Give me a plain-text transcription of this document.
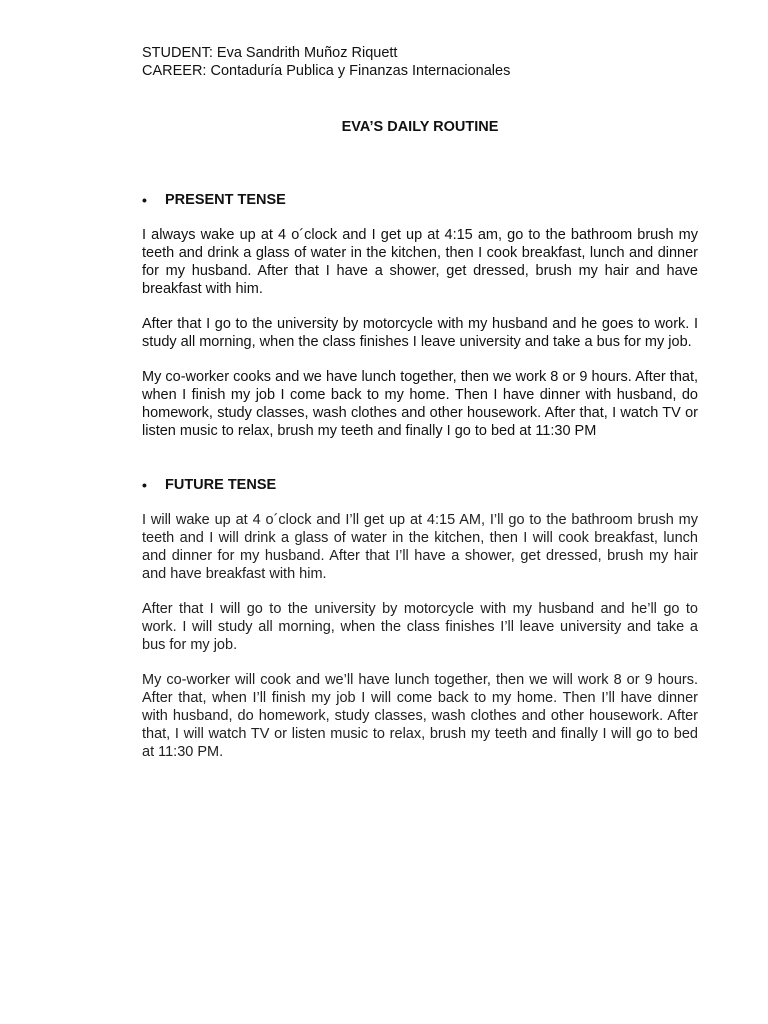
STUDENT: Eva Sandrith Muñoz Riquett

CAREER: Contaduría Publica y Finanzas Internacionales

EVA’S DAILY ROUTINE
•	PRESENT TENSE

I always wake up at 4 o´clock and I get up at 4:15 am, go to the bathroom brush my teeth and drink a glass of water in the kitchen, then I cook breakfast, lunch and dinner for my husband. After that I have a shower, get dressed, brush my hair and have breakfast with him.

After that I go to the university by motorcycle with my husband and he goes to work. I study all morning, when the class finishes I leave university and take a bus for my job.

My co-worker cooks and we have lunch together, then we work 8 or 9 hours. After that, when I finish my job I come back to my home. Then I have dinner with husband, do homework, study classes, wash clothes and other housework. After that, I watch TV or listen music to relax, brush my teeth and finally I go to bed at 11:30 PM

•	FUTURE TENSE

I will wake up at 4 o´clock and I’ll get up at 4:15 AM, I’ll go to the bathroom brush my teeth and I will drink a glass of water in the kitchen, then I will cook breakfast, lunch and dinner for my husband. After that I’ll have a shower, get dressed, brush my hair and have breakfast with him.

After that I will go to the university by motorcycle with my husband and he’ll go to work. I will study all morning, when the class finishes I’ll leave university and take a bus for my job.

My co-worker will cook and we’ll have lunch together, then we will work 8 or 9 hours. After that, when I’ll finish my job I will come back to my home. Then I’ll have dinner with husband, do homework, study classes, wash clothes and other housework. After that, I will watch TV or listen music to relax, brush my teeth and finally I will go to bed at 11:30 PM.
